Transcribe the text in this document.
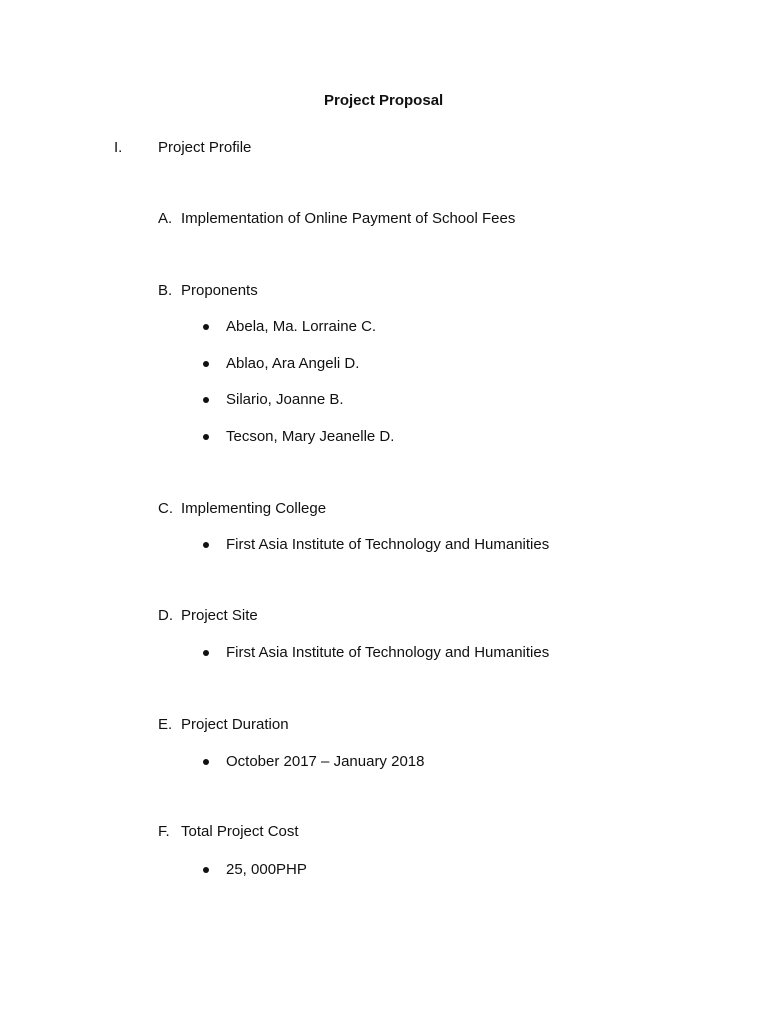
Project Proposal
I. Project Profile
A. Implementation of Online Payment of School Fees
B. Proponents
Abela, Ma. Lorraine C.
Ablao, Ara Angeli D.
Silario, Joanne B.
Tecson, Mary Jeanelle D.
C. Implementing College
First Asia Institute of Technology and Humanities
D. Project Site
First Asia Institute of Technology and Humanities
E. Project Duration
October 2017 – January 2018
F. Total Project Cost
25, 000PHP
